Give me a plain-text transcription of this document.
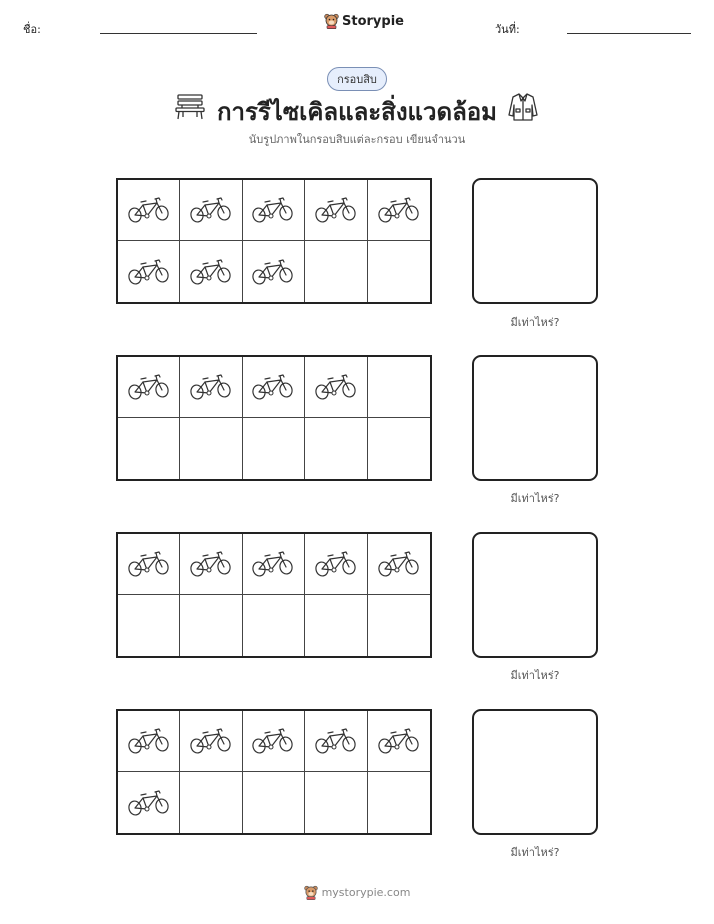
ชื่อ:
Storypie
วันที่:
กรอบสิบ
การรีไซเคิลและสิ่งแวดล้อม
นับรูปภาพในกรอบสิบแต่ละกรอบ เขียนจำนวน
มีเท่าไหร่?
มีเท่าไหร่?
มีเท่าไหร่?
มีเท่าไหร่?
mystorypie.com
